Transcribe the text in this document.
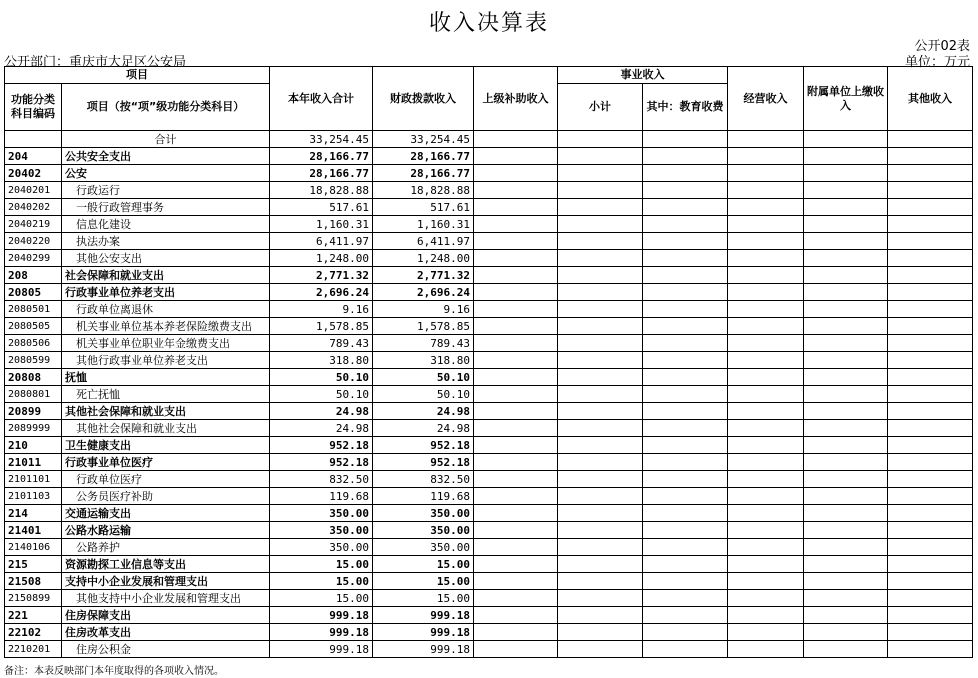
收入决算表
公开02表
公开部门：重庆市大足区公安局	单位：万元
项目		本年收入合计	财政拨款收入	上级补助收入	事业收入		经营收入	附属单位上缴收入	其他收入
功能分类科目编码	项目（按“项”级功能分类科目）				小计	其中：教育收费			

	合计	33,254.45	33,254.45						
204	公共安全支出	28,166.77	28,166.77						
20402	公安	28,166.77	28,166.77						
2040201	行政运行	18,828.88	18,828.88						
2040202	一般行政管理事务	517.61	517.61						
2040219	信息化建设	1,160.31	1,160.31						
2040220	执法办案	6,411.97	6,411.97						
2040299	其他公安支出	1,248.00	1,248.00						
208	社会保障和就业支出	2,771.32	2,771.32						
20805	行政事业单位养老支出	2,696.24	2,696.24						
2080501	行政单位离退休	9.16	9.16						
2080505	机关事业单位基本养老保险缴费支出	1,578.85	1,578.85						
2080506	机关事业单位职业年金缴费支出	789.43	789.43						
2080599	其他行政事业单位养老支出	318.80	318.80						
20808	抚恤	50.10	50.10						
2080801	死亡抚恤	50.10	50.10						
20899	其他社会保障和就业支出	24.98	24.98						
2089999	其他社会保障和就业支出	24.98	24.98						
210	卫生健康支出	952.18	952.18						
21011	行政事业单位医疗	952.18	952.18						
2101101	行政单位医疗	832.50	832.50						
2101103	公务员医疗补助	119.68	119.68						
214	交通运输支出	350.00	350.00						
21401	公路水路运输	350.00	350.00						
2140106	公路养护	350.00	350.00						
215	资源勘探工业信息等支出	15.00	15.00						
21508	支持中小企业发展和管理支出	15.00	15.00						
2150899	其他支持中小企业发展和管理支出	15.00	15.00						
221	住房保障支出	999.18	999.18						
22102	住房改革支出	999.18	999.18						
2210201	住房公积金	999.18	999.18						
备注：本表反映部门本年度取得的各项收入情况。
